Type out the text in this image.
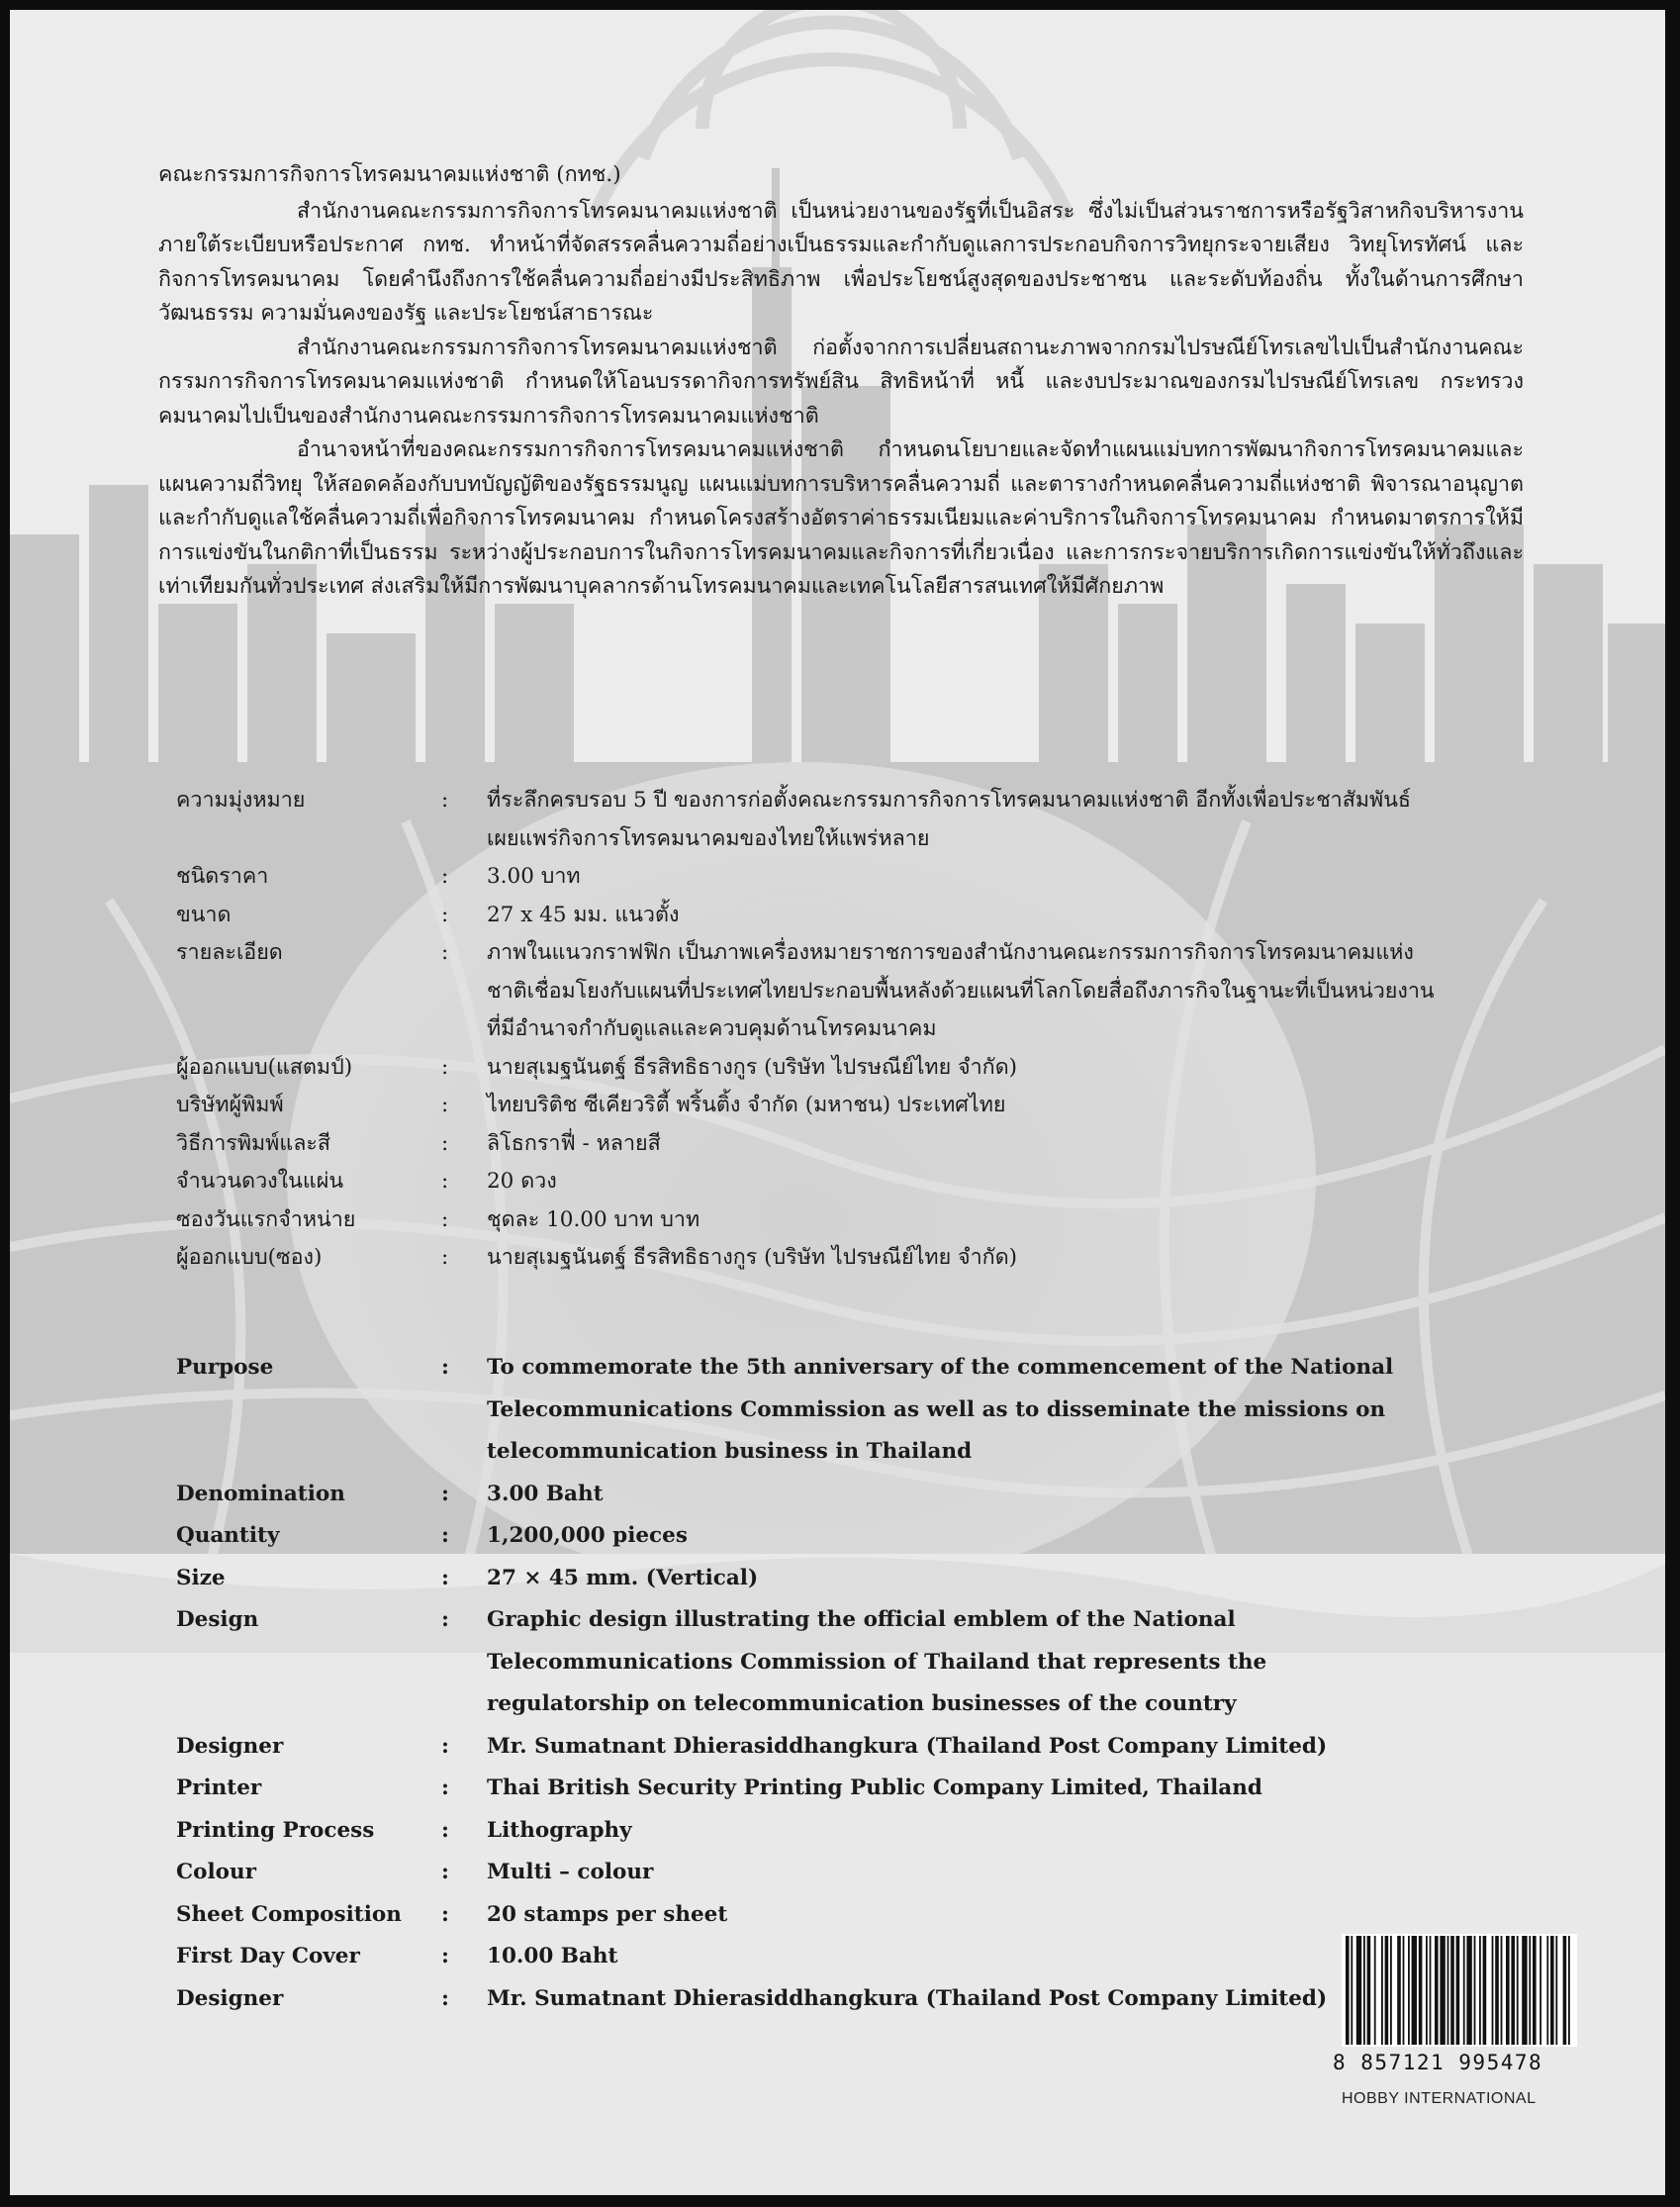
คณะกรรมการกิจการโทรคมนาคมแห่งชาติ (กทช.)

สำนักงานคณะกรรมการกิจการโทรคมนาคมแห่งชาติ เป็นหน่วยงานของรัฐที่เป็นอิสระ ซึ่งไม่เป็นส่วนราชการหรือรัฐวิสาหกิจบริหารงานภายใต้ระเบียบหรือประกาศ กทช. ทำหน้าที่จัดสรรคลื่นความถี่อย่างเป็นธรรมและกำกับดูแลการประกอบกิจการวิทยุกระจายเสียง วิทยุโทรทัศน์ และกิจการโทรคมนาคม โดยคำนึงถึงการใช้คลื่นความถี่อย่างมีประสิทธิภาพ เพื่อประโยชน์สูงสุดของประชาชน และระดับท้องถิ่น ทั้งในด้านการศึกษา วัฒนธรรม ความมั่นคงของรัฐ และประโยชน์สาธารณะ

สำนักงานคณะกรรมการกิจการโทรคมนาคมแห่งชาติ ก่อตั้งจากการเปลี่ยนสถานะภาพจากกรมไปรษณีย์โทรเลขไปเป็นสำนักงานคณะกรรมการกิจการโทรคมนาคมแห่งชาติ กำหนดให้โอนบรรดากิจการทรัพย์สิน สิทธิหน้าที่ หนี้ และงบประมาณของกรมไปรษณีย์โทรเลข กระทรวงคมนาคมไปเป็นของสำนักงานคณะกรรมการกิจการโทรคมนาคมแห่งชาติ

อำนาจหน้าที่ของคณะกรรมการกิจการโทรคมนาคมแห่งชาติ กำหนดนโยบายและจัดทำแผนแม่บทการพัฒนากิจการโทรคมนาคมและแผนความถี่วิทยุ ให้สอดคล้องกับบทบัญญัติของรัฐธรรมนูญ แผนแม่บทการบริหารคลื่นความถี่ และตารางกำหนดคลื่นความถี่แห่งชาติ พิจารณาอนุญาตและกำกับดูแลใช้คลื่นความถี่เพื่อกิจการโทรคมนาคม กำหนดโครงสร้างอัตราค่าธรรมเนียมและค่าบริการในกิจการโทรคมนาคม กำหนดมาตรการให้มีการแข่งขันในกติกาที่เป็นธรรม ระหว่างผู้ประกอบการในกิจการโทรคมนาคมและกิจการที่เกี่ยวเนื่อง และการกระจายบริการเกิดการแข่งขันให้ทั่วถึงและเท่าเทียมกันทั่วประเทศ ส่งเสริมให้มีการพัฒนาบุคลากรด้านโทรคมนาคมและเทคโนโลยีสารสนเทศให้มีศักยภาพ

ความมุ่งหมาย	:	ที่ระลึกครบรอบ 5 ปี ของการก่อตั้งคณะกรรมการกิจการโทรคมนาคมแห่งชาติ อีกทั้งเพื่อประชาสัมพันธ์เผยแพร่กิจการโทรคมนาคมของไทยให้แพร่หลาย
ชนิดราคา	:	3.00 บาท
ขนาด	:	27 x 45 มม. แนวตั้ง
รายละเอียด	:	ภาพในแนวกราฟฟิก เป็นภาพเครื่องหมายราชการของสำนักงานคณะกรรมการกิจการโทรคมนาคมแห่งชาติเชื่อมโยงกับแผนที่ประเทศไทยประกอบพื้นหลังด้วยแผนที่โลกโดยสื่อถึงภารกิจในฐานะที่เป็นหน่วยงานที่มีอำนาจกำกับดูแลและควบคุมด้านโทรคมนาคม
ผู้ออกแบบ(แสตมป์)	:	นายสุเมฐนันตฐ์ ธีรสิทธิธางกูร (บริษัท ไปรษณีย์ไทย จำกัด)
บริษัทผู้พิมพ์	:	ไทยบริติช ซีเคียวริตี้ พริ้นติ้ง จำกัด (มหาชน) ประเทศไทย
วิธีการพิมพ์และสี	:	ลิโธกราฟี่ - หลายสี
จำนวนดวงในแผ่น	:	20 ดวง
ซองวันแรกจำหน่าย	:	ชุดละ 10.00 บาท บาท
ผู้ออกแบบ(ซอง)	:	นายสุเมฐนันตฐ์ ธีรสิทธิธางกูร (บริษัท ไปรษณีย์ไทย จำกัด)
Purpose	:	To commemorate the 5th anniversary of the commencement of the National Telecommunications Commission as well as to disseminate the missions on telecommunication business in Thailand
Denomination	:	3.00 Baht
Quantity	:	1,200,000 pieces
Size	:	27 × 45 mm. (Vertical)
Design	:	Graphic design illustrating the official emblem of the National Telecommunications Commission of Thailand that represents the regulatorship on telecommunication businesses of the country
Designer	:	Mr. Sumatnant Dhierasiddhangkura (Thailand Post Company Limited)
Printer	:	Thai British Security Printing Public Company Limited, Thailand
Printing Process	:	Lithography
Colour	:	Multi – colour
Sheet Composition	:	20 stamps per sheet
First Day Cover	:	10.00 Baht
Designer	:	Mr. Sumatnant Dhierasiddhangkura (Thailand Post Company Limited)
8 857121 995478
HOBBY INTERNATIONAL
